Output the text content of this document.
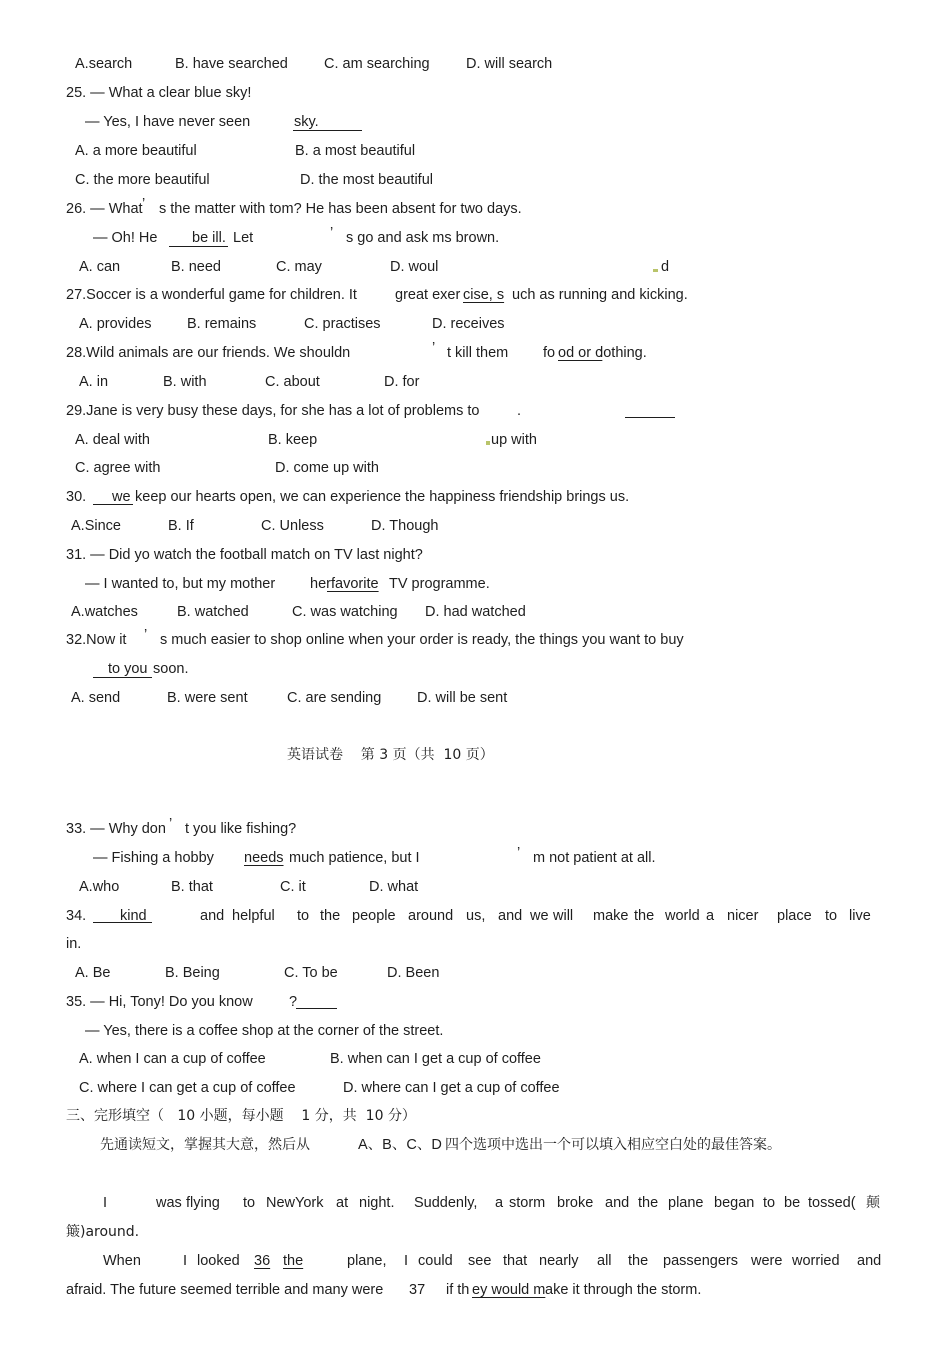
A.search	B. have searched C. am searching	D. will search
25. — What a clear blue sky!
— Yes, I have never seen	sky.
A. a more beautiful	B. a most beautiful
C. the more beautiful	D. the most beautiful
26. — What ’ s the matter with tom? He has been absent for two days.
— Oh! He be ill. Let	’ s go and ask ms brown.
A. can	B. need	C. may	D. woul	d
27.Soccer is a wonderful game for children. It	great exer cise, s uch as running and kicking.
A. provides B. remains	C. practises	D. receives
28.Wild animals are our friends. We shouldn	’ t kill them fo od or c
lothing.
A. in	B. with	C. about	D. for
29.Jane is very busy these days, for she has a lot of problems to	.
A. deal with	B. keep	up with
C. agree with	D. come up with
30. we keep our hearts open, we can experience the happiness friendship brings us.
A.Since	B. If	C. Unless	D. Though
31. — Did yo watch the football match on TV last night?
— I wanted to, but my mother her
favorite TV programme.
A.watches	B. watched	C. was watching D. had watched
32.Now it ’ s much easier to shop online when your order is ready, the things you want to buy
to you soon.
A. send	B. were sent	C. are sending D. will be sent
英语试卷    第 3 页（共  10 页）
33. — Why don ’ t you like fishing?
— Fishing a hobby needs much patience, but I	’ m not patient at all.
A.who	B. that	C. it	D. what
34. kind	and helpful to the people around us, and we will make the world a nicer place to live
in.
A. Be	B. Being	C. To be	D. Been
35. — Hi, Tony! Do you know	?
— Yes, there is a coffee shop at the corner of the street.
A. when I can a cup of coffee	B. when can I get a cup of coffee
C. where I can get a cup of coffee	D. where can I get a cup of coffee
三、完形填空（   10 小题，每小题    1 分，共  10 分）
先通读短文，掌握其大意，然后从	A、B、C、D 四个选项中选出一个可以填入相应空白处的最佳答案。
I	was flying to NewYork at night. Suddenly, a storm broke and the plane began to be tossed( 颠
簸)around.
When	I looked 36 the	plane, I could see that nearly all the passengers were worried and
afraid. The future seemed terrible and many were 37 if th ey would m ake it through the storm.
